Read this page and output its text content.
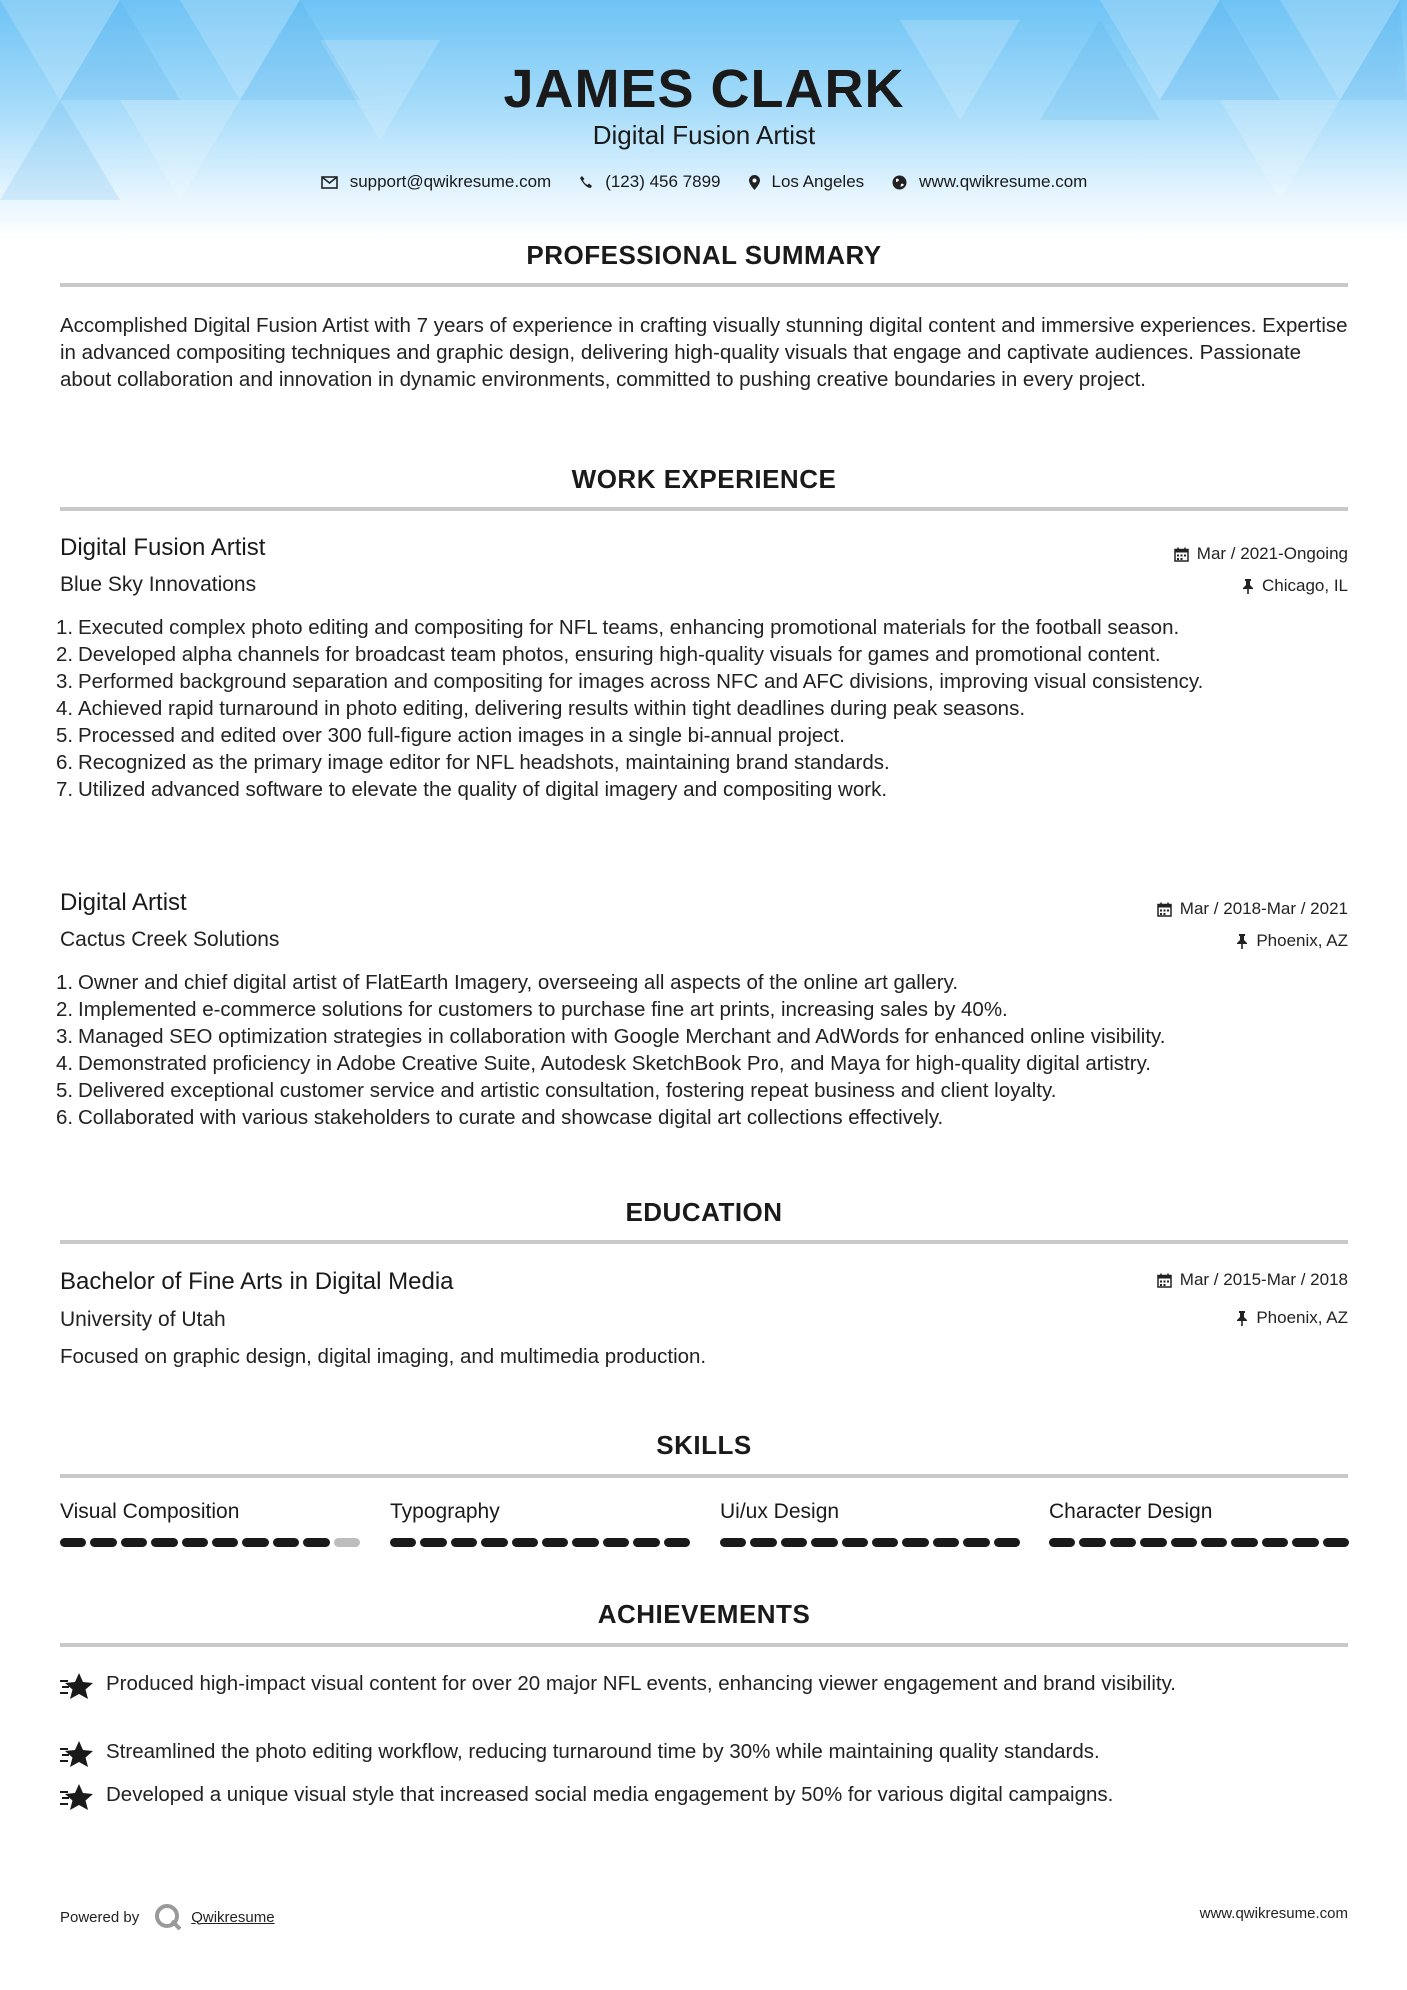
JAMES CLARK
Digital Fusion Artist
support@qwikresume.com	(123) 456 7899	Los Angeles	www.qwikresume.com
PROFESSIONAL SUMMARY
Accomplished Digital Fusion Artist with 7 years of experience in crafting visually stunning digital content and immersive experiences. Expertise in advanced compositing techniques and graphic design, delivering high-quality visuals that engage and captivate audiences. Passionate about collaboration and innovation in dynamic environments, committed to pushing creative boundaries in every project.
WORK EXPERIENCE
Digital Fusion Artist
Blue Sky Innovations
Mar / 2021-Ongoing
Chicago, IL
Executed complex photo editing and compositing for NFL teams, enhancing promotional materials for the football season.
Developed alpha channels for broadcast team photos, ensuring high-quality visuals for games and promotional content.
Performed background separation and compositing for images across NFC and AFC divisions, improving visual consistency.
Achieved rapid turnaround in photo editing, delivering results within tight deadlines during peak seasons.
Processed and edited over 300 full-figure action images in a single bi-annual project.
Recognized as the primary image editor for NFL headshots, maintaining brand standards.
Utilized advanced software to elevate the quality of digital imagery and compositing work.
Digital Artist
Cactus Creek Solutions
Mar / 2018-Mar / 2021
Phoenix, AZ
Owner and chief digital artist of FlatEarth Imagery, overseeing all aspects of the online art gallery.
Implemented e-commerce solutions for customers to purchase fine art prints, increasing sales by 40%.
Managed SEO optimization strategies in collaboration with Google Merchant and AdWords for enhanced online visibility.
Demonstrated proficiency in Adobe Creative Suite, Autodesk SketchBook Pro, and Maya for high-quality digital artistry.
Delivered exceptional customer service and artistic consultation, fostering repeat business and client loyalty.
Collaborated with various stakeholders to curate and showcase digital art collections effectively.
EDUCATION
Bachelor of Fine Arts in Digital Media
University of Utah
Mar / 2015-Mar / 2018
Phoenix, AZ
Focused on graphic design, digital imaging, and multimedia production.
SKILLS
Visual Composition	Typography	Ui/ux Design	Character Design
ACHIEVEMENTS
Produced high-impact visual content for over 20 major NFL events, enhancing viewer engagement and brand visibility.
Streamlined the photo editing workflow, reducing turnaround time by 30% while maintaining quality standards.
Developed a unique visual style that increased social media engagement by 50% for various digital campaigns.
Powered by	Qwikresume	www.qwikresume.com
